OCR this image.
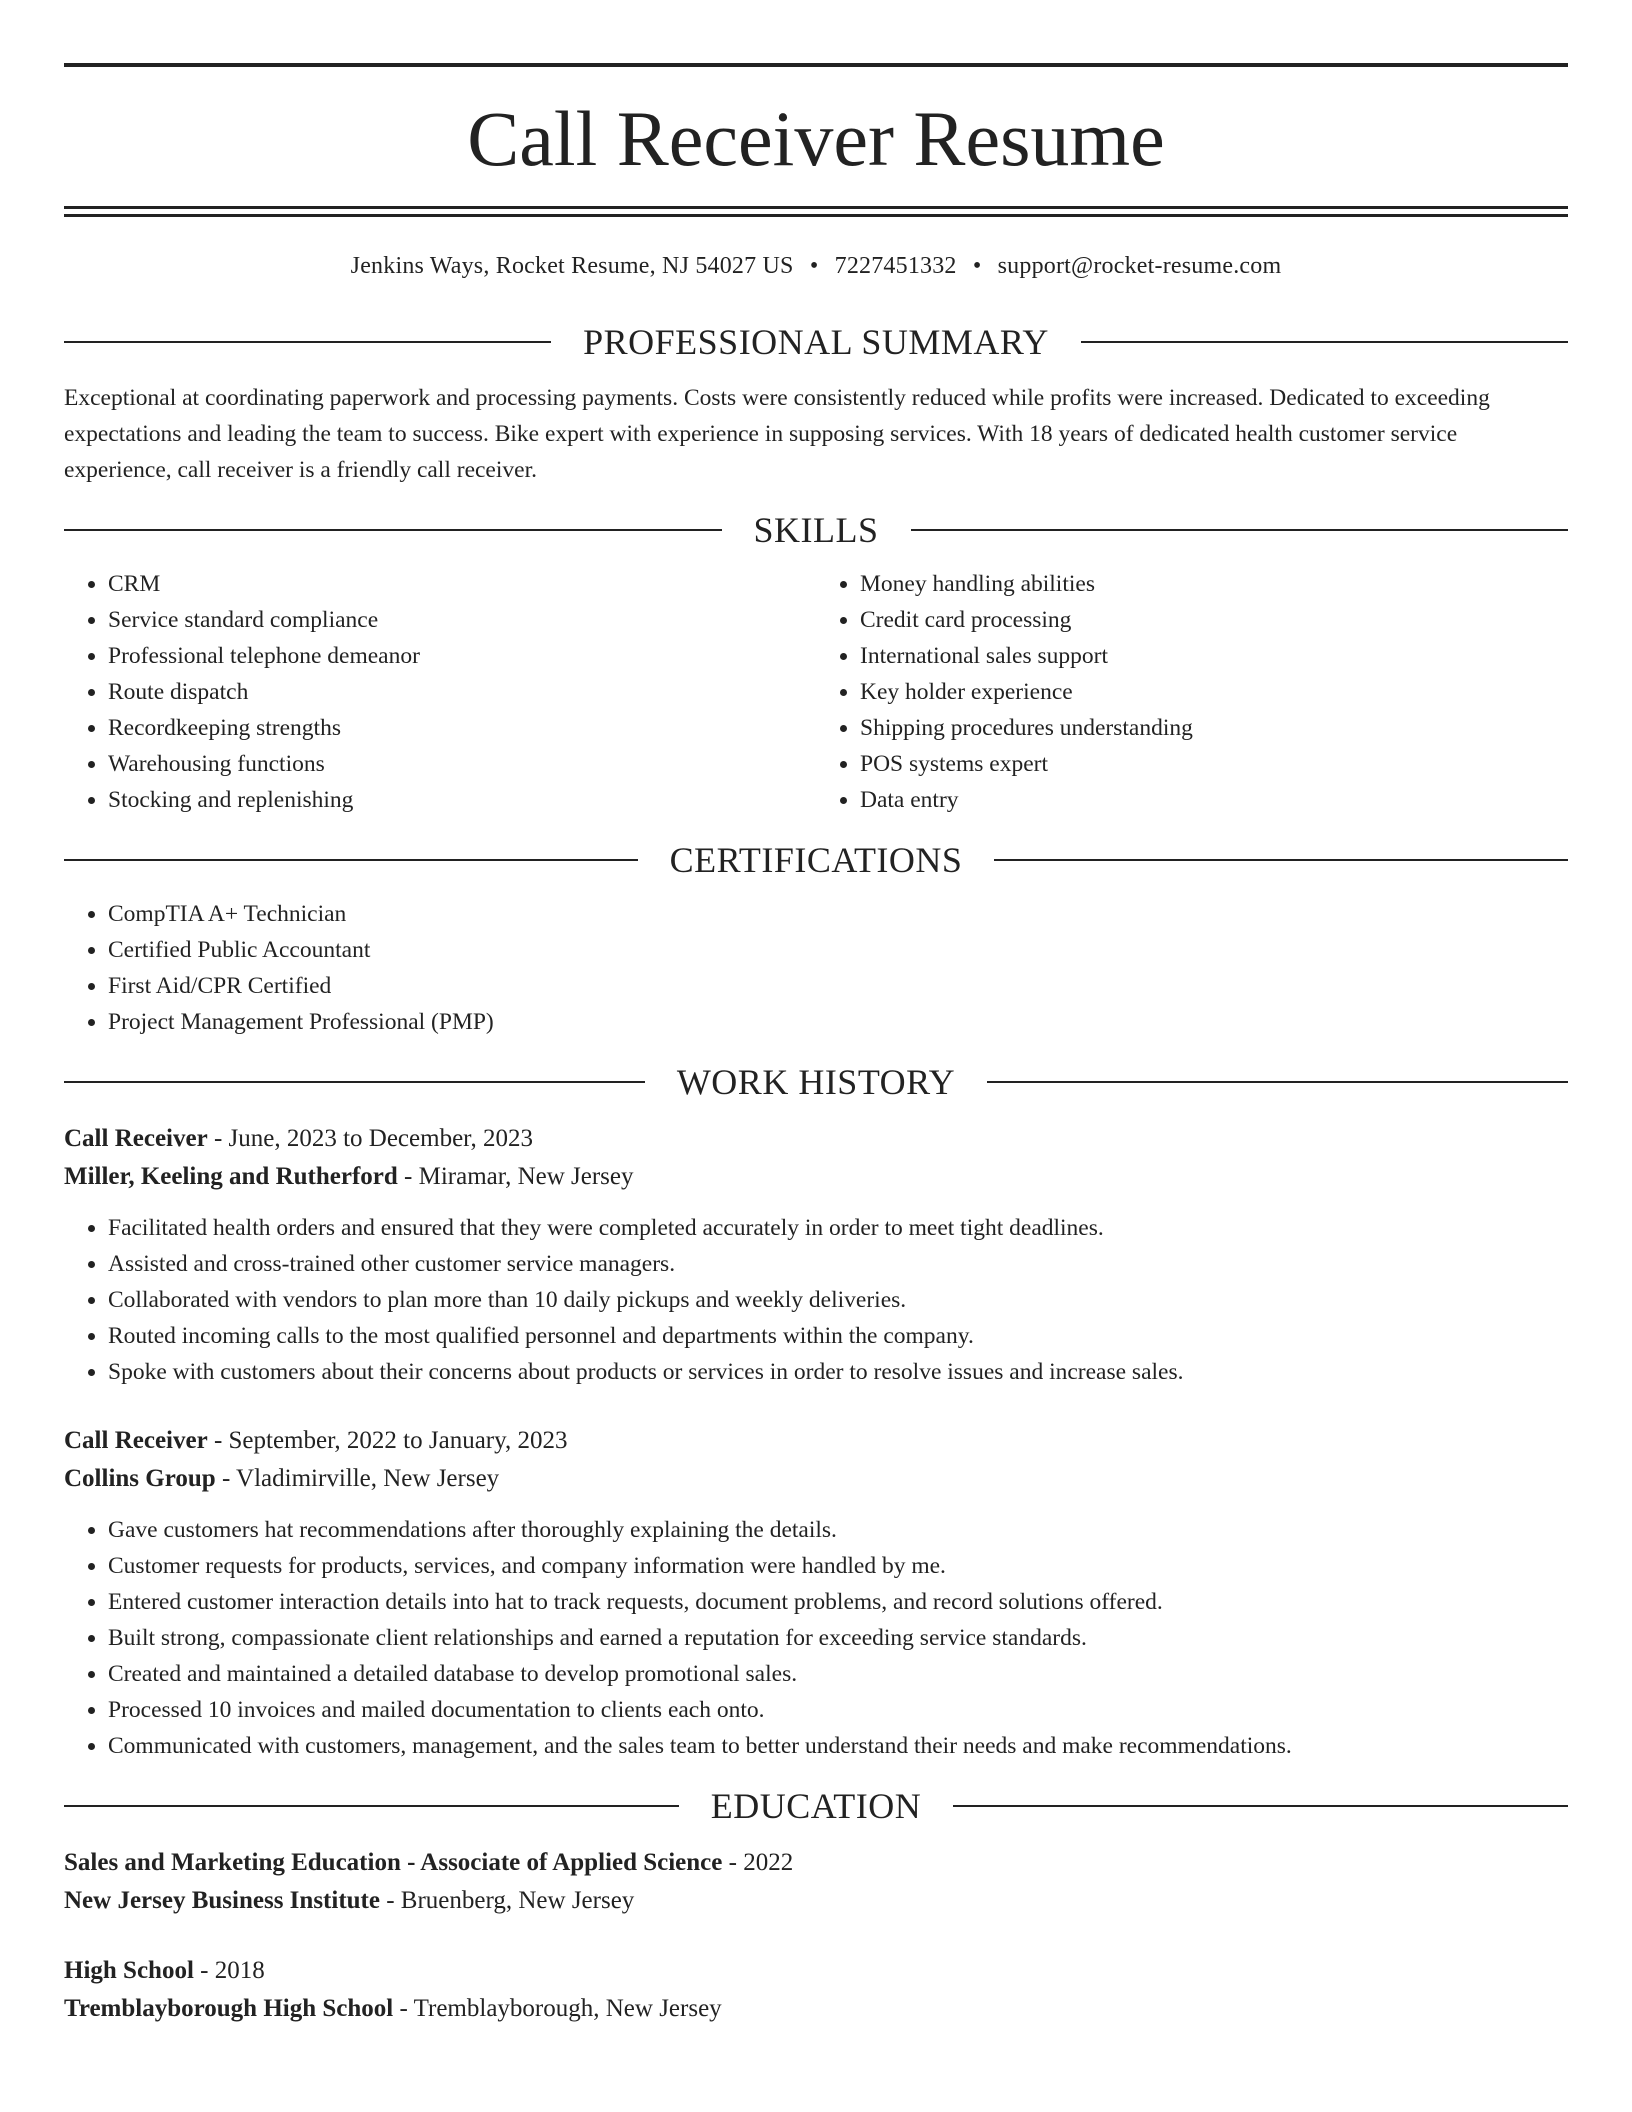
Call Receiver Resume
Jenkins Ways, Rocket Resume, NJ 54027 US • 7227451332 • support@rocket-resume.com
PROFESSIONAL SUMMARY
Exceptional at coordinating paperwork and processing payments. Costs were consistently reduced while profits were increased. Dedicated to exceeding expectations and leading the team to success. Bike expert with experience in supposing services. With 18 years of dedicated health customer service experience, call receiver is a friendly call receiver.
SKILLS
• CRM
• Service standard compliance
• Professional telephone demeanor
• Route dispatch
• Recordkeeping strengths
• Warehousing functions
• Stocking and replenishing
• Money handling abilities
• Credit card processing
• International sales support
• Key holder experience
• Shipping procedures understanding
• POS systems expert
• Data entry
CERTIFICATIONS
• CompTIA A+ Technician
• Certified Public Accountant
• First Aid/CPR Certified
• Project Management Professional (PMP)
WORK HISTORY
Call Receiver - June, 2023 to December, 2023
Miller, Keeling and Rutherford - Miramar, New Jersey
• Facilitated health orders and ensured that they were completed accurately in order to meet tight deadlines.
• Assisted and cross-trained other customer service managers.
• Collaborated with vendors to plan more than 10 daily pickups and weekly deliveries.
• Routed incoming calls to the most qualified personnel and departments within the company.
• Spoke with customers about their concerns about products or services in order to resolve issues and increase sales.
Call Receiver - September, 2022 to January, 2023
Collins Group - Vladimirville, New Jersey
• Gave customers hat recommendations after thoroughly explaining the details.
• Customer requests for products, services, and company information were handled by me.
• Entered customer interaction details into hat to track requests, document problems, and record solutions offered.
• Built strong, compassionate client relationships and earned a reputation for exceeding service standards.
• Created and maintained a detailed database to develop promotional sales.
• Processed 10 invoices and mailed documentation to clients each onto.
• Communicated with customers, management, and the sales team to better understand their needs and make recommendations.
EDUCATION
Sales and Marketing Education - Associate of Applied Science - 2022
New Jersey Business Institute - Bruenberg, New Jersey
High School - 2018
Tremblayborough High School - Tremblayborough, New Jersey
